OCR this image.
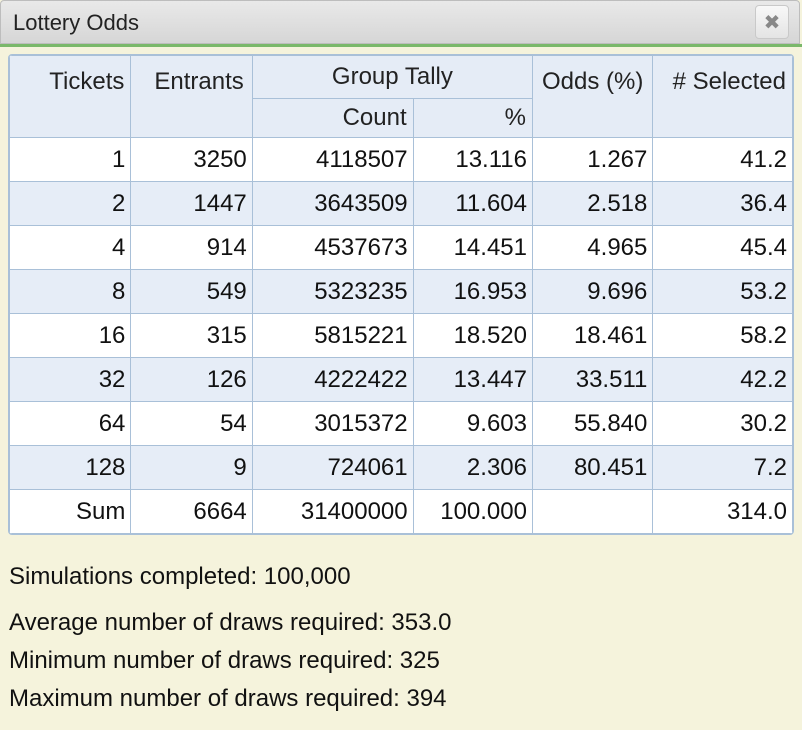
Lottery Odds	✖
Tickets	Entrants	Group Tally		Odds (%)	# Selected
		Count	%		
1	3250	4118507	13.116	1.267	41.2
2	1447	3643509	11.604	2.518	36.4
4	914	4537673	14.451	4.965	45.4
8	549	5323235	16.953	9.696	53.2
16	315	5815221	18.520	18.461	58.2
32	126	4222422	13.447	33.511	42.2
64	54	3015372	9.603	55.840	30.2
128	9	724061	2.306	80.451	7.2
Sum	6664	31400000	100.000		314.0
Simulations completed: 100,000
Average number of draws required: 353.0
Minimum number of draws required: 325
Maximum number of draws required: 394
